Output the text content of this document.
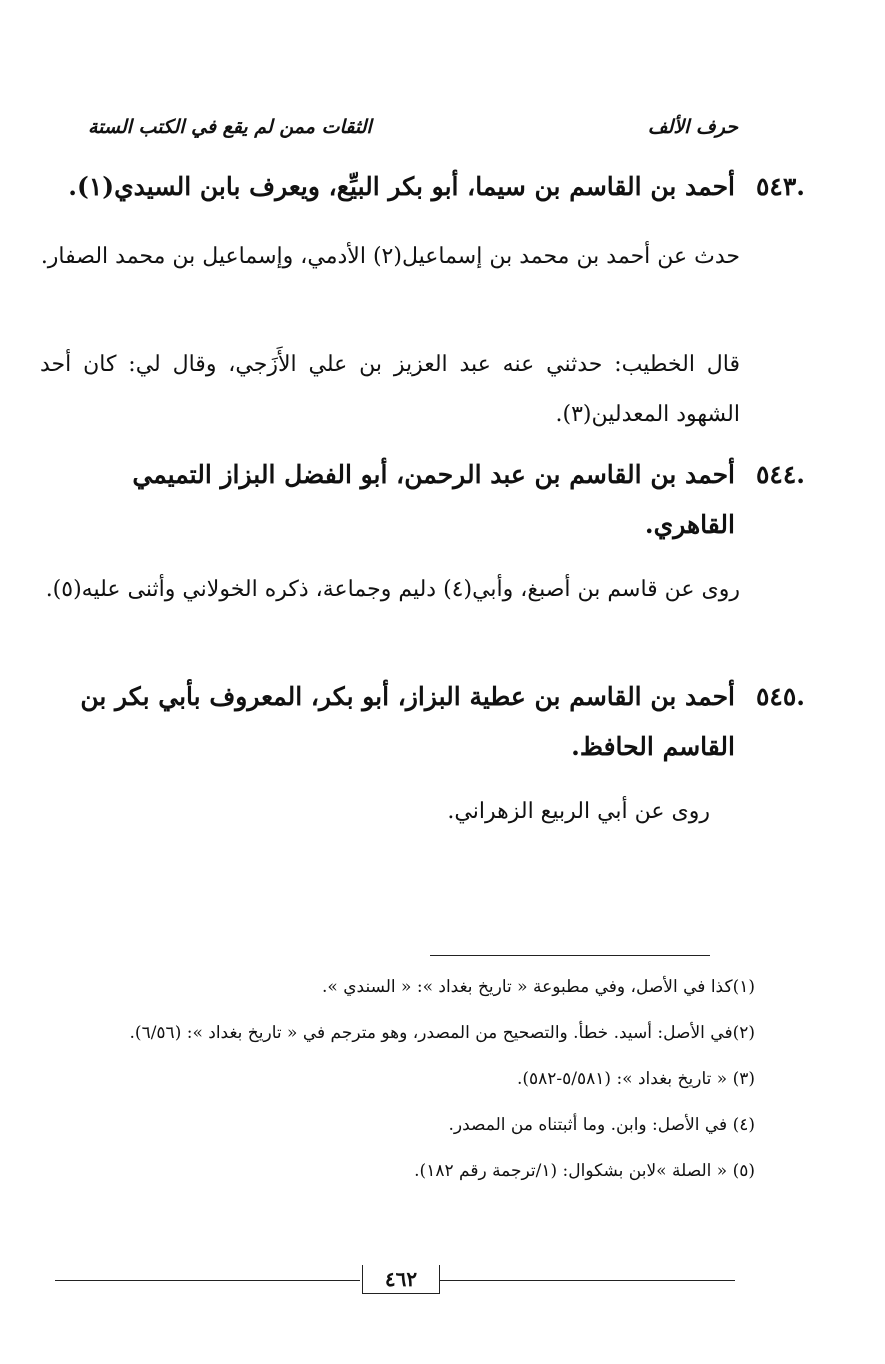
حرف الألف
الثقات ممن لم يقع في الكتب الستة
٥٤٣.
أحمد بن القاسم بن سيما، أبو بكر البيِّع، ويعرف بابن السيدي(١).
حدث عن أحمد بن محمد بن إسماعيل(٢) الأدمي، وإسماعيل بن محمد الصفار.
قال الخطيب: حدثني عنه عبد العزيز بن علي الأَزَجي، وقال لي: كان أحد الشهود المعدلين(٣).
٥٤٤.
أحمد بن القاسم بن عبد الرحمن، أبو الفضل البزاز التميمي القاهري.
روى عن قاسم بن أصبغ، وأبي(٤) دليم وجماعة، ذكره الخولاني وأثنى عليه(٥).
٥٤٥.
أحمد بن القاسم بن عطية البزاز، أبو بكر، المعروف بأبي بكر بن القاسم الحافظ.
روى عن أبي الربيع الزهراني.
(١)كذا في الأصل، وفي مطبوعة « تاريخ بغداد »: « السندي ».
(٢)في الأصل: أسيد. خطأ. والتصحيح من المصدر، وهو مترجم في « تاريخ بغداد »: (٦/٥٦).
(٣) « تاريخ بغداد »: (٥/٥٨١-٥٨٢).
(٤) في الأصل: وابن. وما أثبتناه من المصدر.
(٥) « الصلة »لابن بشكوال: (١/ترجمة رقم ١٨٢).
٤٦٢
